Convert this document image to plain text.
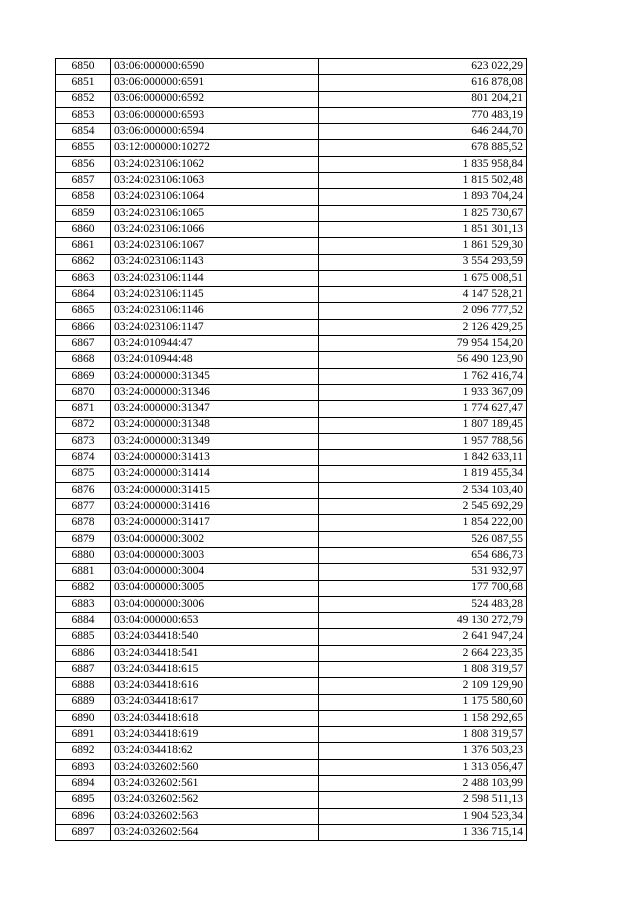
6850	03:06:000000:6590	623 022,29
6851	03:06:000000:6591	616 878,08
6852	03:06:000000:6592	801 204,21
6853	03:06:000000:6593	770 483,19
6854	03:06:000000:6594	646 244,70
6855	03:12:000000:10272	678 885,52
6856	03:24:023106:1062	1 835 958,84
6857	03:24:023106:1063	1 815 502,48
6858	03:24:023106:1064	1 893 704,24
6859	03:24:023106:1065	1 825 730,67
6860	03:24:023106:1066	1 851 301,13
6861	03:24:023106:1067	1 861 529,30
6862	03:24:023106:1143	3 554 293,59
6863	03:24:023106:1144	1 675 008,51
6864	03:24:023106:1145	4 147 528,21
6865	03:24:023106:1146	2 096 777,52
6866	03:24:023106:1147	2 126 429,25
6867	03:24:010944:47	79 954 154,20
6868	03:24:010944:48	56 490 123,90
6869	03:24:000000:31345	1 762 416,74
6870	03:24:000000:31346	1 933 367,09
6871	03:24:000000:31347	1 774 627,47
6872	03:24:000000:31348	1 807 189,45
6873	03:24:000000:31349	1 957 788,56
6874	03:24:000000:31413	1 842 633,11
6875	03:24:000000:31414	1 819 455,34
6876	03:24:000000:31415	2 534 103,40
6877	03:24:000000:31416	2 545 692,29
6878	03:24:000000:31417	1 854 222,00
6879	03:04:000000:3002	526 087,55
6880	03:04:000000:3003	654 686,73
6881	03:04:000000:3004	531 932,97
6882	03:04:000000:3005	177 700,68
6883	03:04:000000:3006	524 483,28
6884	03:04:000000:653	49 130 272,79
6885	03:24:034418:540	2 641 947,24
6886	03:24:034418:541	2 664 223,35
6887	03:24:034418:615	1 808 319,57
6888	03:24:034418:616	2 109 129,90
6889	03:24:034418:617	1 175 580,60
6890	03:24:034418:618	1 158 292,65
6891	03:24:034418:619	1 808 319,57
6892	03:24:034418:62	1 376 503,23
6893	03:24:032602:560	1 313 056,47
6894	03:24:032602:561	2 488 103,99
6895	03:24:032602:562	2 598 511,13
6896	03:24:032602:563	1 904 523,34
6897	03:24:032602:564	1 336 715,14
